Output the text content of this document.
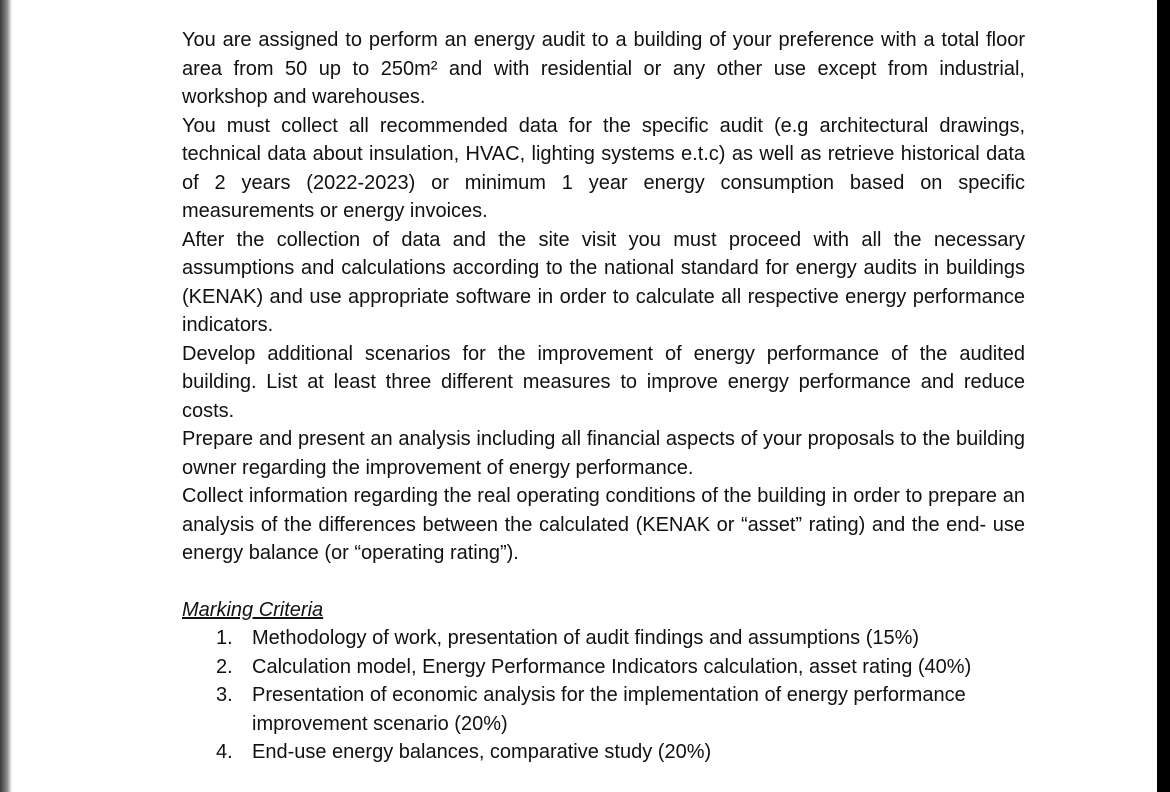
You are assigned to perform an energy audit to a building of your preference with a total floor area from 50 up to 250m² and with residential or any other use except from industrial, workshop and warehouses.

You must collect all recommended data for the specific audit (e.g architectural drawings, technical data about insulation, HVAC, lighting systems e.t.c) as well as retrieve historical data of 2 years (2022-2023) or minimum 1 year energy consumption based on specific measurements or energy invoices.

After the collection of data and the site visit you must proceed with all the necessary assumptions and calculations according to the national standard for energy audits in buildings (KENAK) and use appropriate software in order to calculate all respective energy performance indicators.

Develop additional scenarios for the improvement of energy performance of the audited building. List at least three different measures to improve energy performance and reduce costs.

Prepare and present an analysis including all financial aspects of your proposals to the building owner regarding the improvement of energy performance.

Collect information regarding the real operating conditions of the building in order to prepare an analysis of the differences between the calculated (KENAK or “asset” rating) and the end- use energy balance (or “operating rating”).

Marking Criteria

1. Methodology of work, presentation of audit findings and assumptions (15%)
2. Calculation model, Energy Performance Indicators calculation, asset rating (40%)
3. Presentation of economic analysis for the implementation of energy performance improvement scenario (20%)
4. End-use energy balances, comparative study (20%)
